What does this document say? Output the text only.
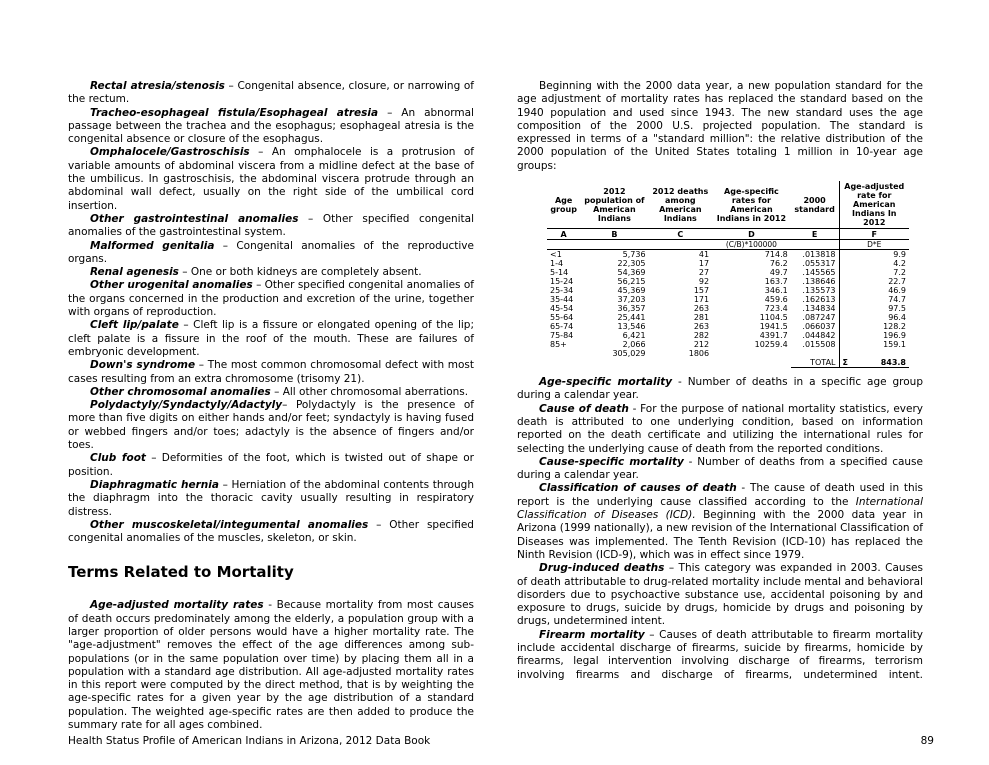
Rectal atresia/stenosis – Congenital absence, closure, or narrowing of the rectum.

Tracheo-esophageal fistula/Esophageal atresia – An abnormal passage between the trachea and the esophagus; esophageal atresia is the congenital absence or closure of the esophagus.

Omphalocele/Gastroschisis – An omphalocele is a protrusion of variable amounts of abdominal viscera from a midline defect at the base of the umbilicus. In gastroschisis, the abdominal viscera protrude through an abdominal wall defect, usually on the right side of the umbilical cord insertion.

Other gastrointestinal anomalies – Other specified congenital anomalies of the gastrointestinal system.

Malformed genitalia – Congenital anomalies of the reproductive organs.

Renal agenesis – One or both kidneys are completely absent.

Other urogenital anomalies – Other specified congenital anomalies of the organs concerned in the production and excretion of the urine, together with organs of reproduction.

Cleft lip/palate – Cleft lip is a fissure or elongated opening of the lip; cleft palate is a fissure in the roof of the mouth. These are failures of embryonic development.

Down's syndrome – The most common chromosomal defect with most cases resulting from an extra chromosome (trisomy 21).

Other chromosomal anomalies – All other chromosomal aberrations.

Polydactyly/Syndactyly/Adactyly– Polydactyly is the presence of more than five digits on either hands and/or feet; syndactyly is having fused or webbed fingers and/or toes; adactyly is the absence of fingers and/or toes.

Club foot – Deformities of the foot, which is twisted out of shape or position.

Diaphragmatic hernia – Herniation of the abdominal contents through the diaphragm into the thoracic cavity usually resulting in respiratory distress.

Other muscoskeletal/integumental anomalies – Other specified congenital anomalies of the muscles, skeleton, or skin.

Terms Related to Mortality

Age-adjusted mortality rates - Because mortality from most causes of death occurs predominately among the elderly, a population group with a larger proportion of older persons would have a higher mortality rate. The "age-adjustment" removes the effect of the age differences among sub-populations (or in the same population over time) by placing them all in a population with a standard age distribution. All age-adjusted mortality rates in this report were computed by the direct method, that is by weighting the age-specific rates for a given year by the age distribution of a standard population. The weighted age-specific rates are then added to produce the summary rate for all ages combined.

Beginning with the 2000 data year, a new population standard for the age adjustment of mortality rates has replaced the standard based on the 1940 population and used since 1943. The new standard uses the age composition of the 2000 U.S. projected population. The standard is expressed in terms of a "standard million": the relative distribution of the 2000 population of the United States totaling 1 million in 10-year age groups:

Age group	2012 population of American Indians	2012 deaths among American Indians	Age-specific rates for American Indians in 2012	2000 standard	Age-adjusted rate for American Indians In 2012
A	B	C	D	E	F
			(C/B)*100000		D*E
<1	5,736	41	714.8	.013818	9.9
1-4	22,305	17	76.2	.055317	4.2
5-14	54,369	27	49.7	.145565	7.2
15-24	56,215	92	163.7	.138646	22.7
25-34	45,369	157	346.1	.135573	46.9
35-44	37,203	171	459.6	.162613	74.7
45-54	36,357	263	723.4	.134834	97.5
55-64	25,441	281	1104.5	.087247	96.4
65-74	13,546	263	1941.5	.066037	128.2
75-84	6,421	282	4391.7	.044842	196.9
85+	2,066	212	10259.4	.015508	159.1
	305,029	1806			
				TOTAL	Σ 843.8

Age-specific mortality - Number of deaths in a specific age group during a calendar year.

Cause of death - For the purpose of national mortality statistics, every death is attributed to one underlying condition, based on information reported on the death certificate and utilizing the international rules for selecting the underlying cause of death from the reported conditions.

Cause-specific mortality - Number of deaths from a specified cause during a calendar year.

Classification of causes of death - The cause of death used in this report is the underlying cause classified according to the International Classification of Diseases (ICD). Beginning with the 2000 data year in Arizona (1999 nationally), a new revision of the International Classification of Diseases was implemented. The Tenth Revision (ICD-10) has replaced the Ninth Revision (ICD-9), which was in effect since 1979.

Drug-induced deaths – This category was expanded in 2003. Causes of death attributable to drug-related mortality include mental and behavioral disorders due to psychoactive substance use, accidental poisoning by and exposure to drugs, suicide by drugs, homicide by drugs and poisoning by drugs, undetermined intent.

Firearm mortality – Causes of death attributable to firearm mortality include accidental discharge of firearms, suicide by firearms, homicide by firearms, legal intervention involving discharge of firearms, terrorism involving firearms and discharge of firearms, undetermined intent.

Health Status Profile of American Indians in Arizona, 2012 Data Book	89
